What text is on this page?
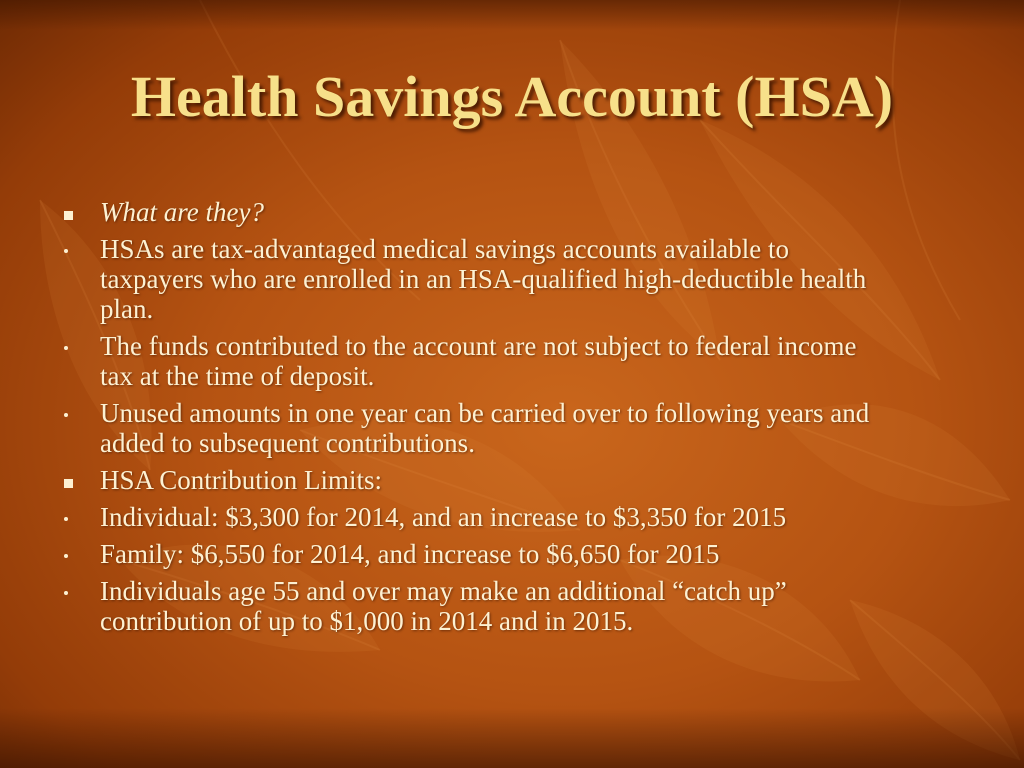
Health Savings Account (HSA)
What are they?
HSAs are tax-advantaged medical savings accounts available to taxpayers who are enrolled in an HSA-qualified high-deductible health plan.
The funds contributed to the account are not subject to federal income tax at the time of deposit.
Unused amounts in one year can be carried over to following years and added to subsequent contributions.
HSA Contribution Limits:
Individual: $3,300 for 2014, and an increase to $3,350 for 2015
Family: $6,550 for 2014, and increase to $6,650 for 2015
Individuals age 55 and over may make an additional “catch up” contribution of up to $1,000 in 2014 and in 2015.
